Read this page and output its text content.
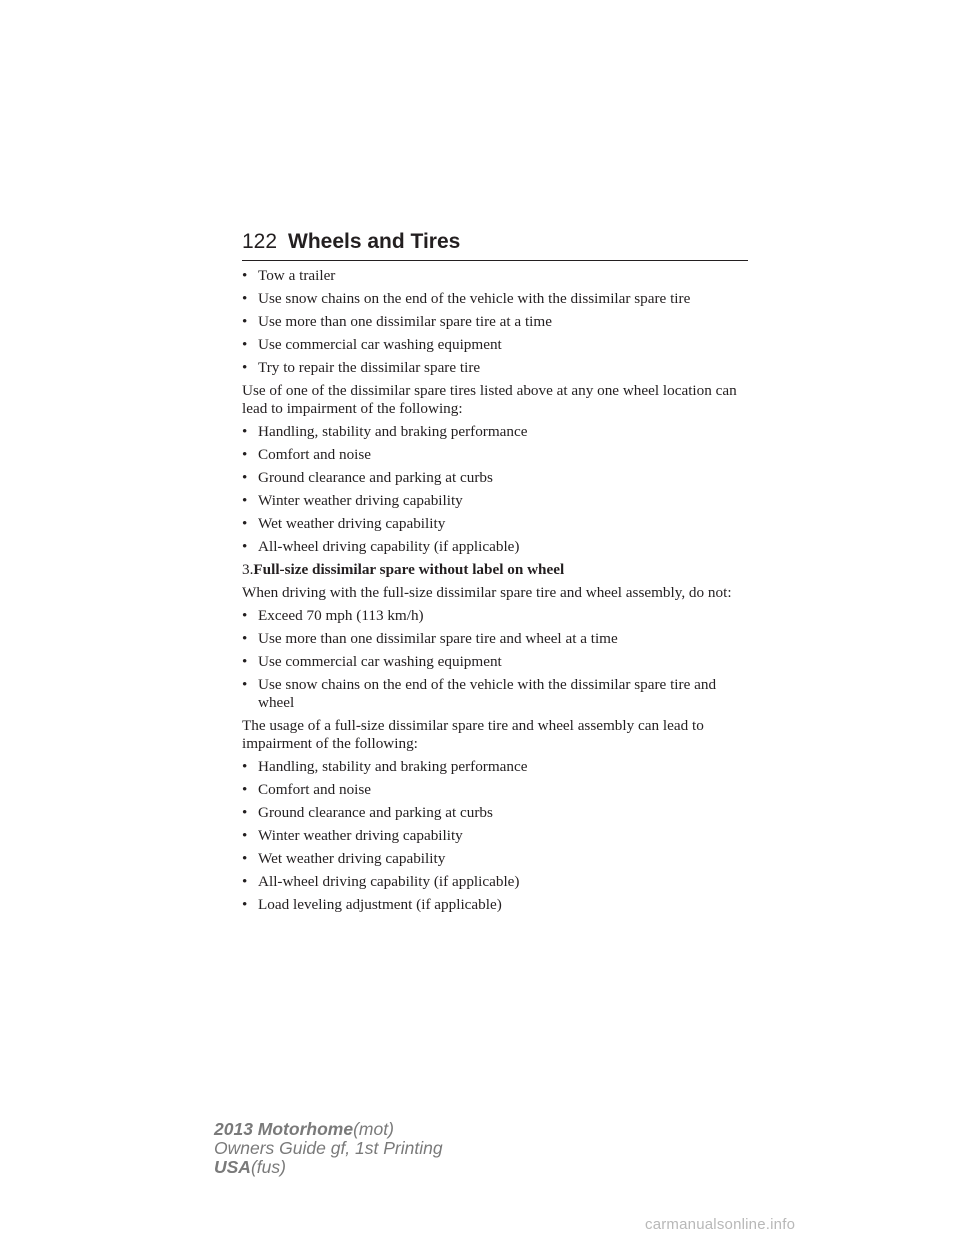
122 Wheels and Tires
• Tow a trailer
• Use snow chains on the end of the vehicle with the dissimilar spare tire
• Use more than one dissimilar spare tire at a time
• Use commercial car washing equipment
• Try to repair the dissimilar spare tire
Use of one of the dissimilar spare tires listed above at any one wheel location can lead to impairment of the following:
• Handling, stability and braking performance
• Comfort and noise
• Ground clearance and parking at curbs
• Winter weather driving capability
• Wet weather driving capability
• All-wheel driving capability (if applicable)
3.Full-size dissimilar spare without label on wheel
When driving with the full-size dissimilar spare tire and wheel assembly, do not:
• Exceed 70 mph (113 km/h)
• Use more than one dissimilar spare tire and wheel at a time
• Use commercial car washing equipment
• Use snow chains on the end of the vehicle with the dissimilar spare tire and wheel
The usage of a full-size dissimilar spare tire and wheel assembly can lead to impairment of the following:
• Handling, stability and braking performance
• Comfort and noise
• Ground clearance and parking at curbs
• Winter weather driving capability
• Wet weather driving capability
• All-wheel driving capability (if applicable)
• Load leveling adjustment (if applicable)
2013 Motorhome(mot)
Owners Guide gf, 1st Printing
USA(fus)
carmanualsonline.info
